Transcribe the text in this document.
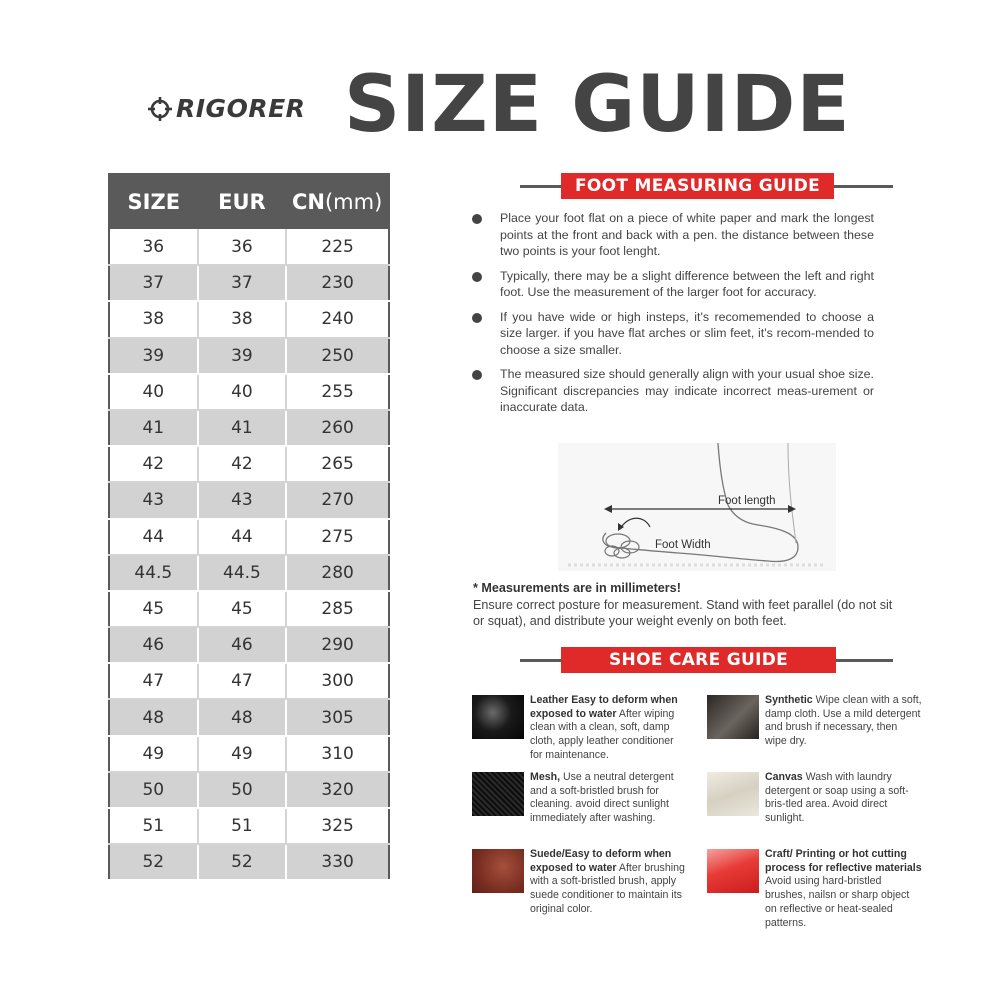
RIGORER SIZE GUIDE
SIZE	EUR	CN(mm)
36	36	225
37	37	230
38	38	240
39	39	250
40	40	255
41	41	260
42	42	265
43	43	270
44	44	275
44.5	44.5	280
45	45	285
46	46	290
47	47	300
48	48	305
49	49	310
50	50	320
51	51	325
52	52	330
FOOT MEASURING GUIDE

Place your foot flat on a piece of white paper and mark the longest points at the front and back with a pen. the distance between these two points is your foot lenght.

Typically, there may be a slight difference between the left and right foot. Use the measurement of the larger foot for accuracy.

If you have wide or high insteps, it's recomemended to choose a size larger. if you have flat arches or slim feet, it's recom-mended to choose a size smaller.

The measured size should generally align with your usual shoe size. Significant discrepancies may indicate incorrect meas-urement or inaccurate data.

Foot length
Foot Width
* Measurements are in millimeters!
Ensure correct posture for measurement. Stand with feet parallel (do not sit or squat), and distribute your weight evenly on both feet.
SHOE CARE GUIDE
Leather Easy to deform when exposed to water After wiping clean with a clean, soft, damp cloth, apply leather conditioner for maintenance.
Synthetic Wipe clean with a soft, damp cloth. Use a mild detergent and brush if necessary, then wipe dry.
Mesh, Use a neutral detergent and a soft-bristled brush for cleaning. avoid direct sunlight immediately after washing.
Canvas Wash with laundry detergent or soap using a soft-bris-tled area. Avoid direct sunlight.
Suede/Easy to deform when exposed to water After brushing with a soft-bristled brush, apply suede conditioner to maintain its original color.
Craft/ Printing or hot cutting process for reflective materials Avoid using hard-bristled brushes, nailsn or sharp object on reflective or heat-sealed patterns.
